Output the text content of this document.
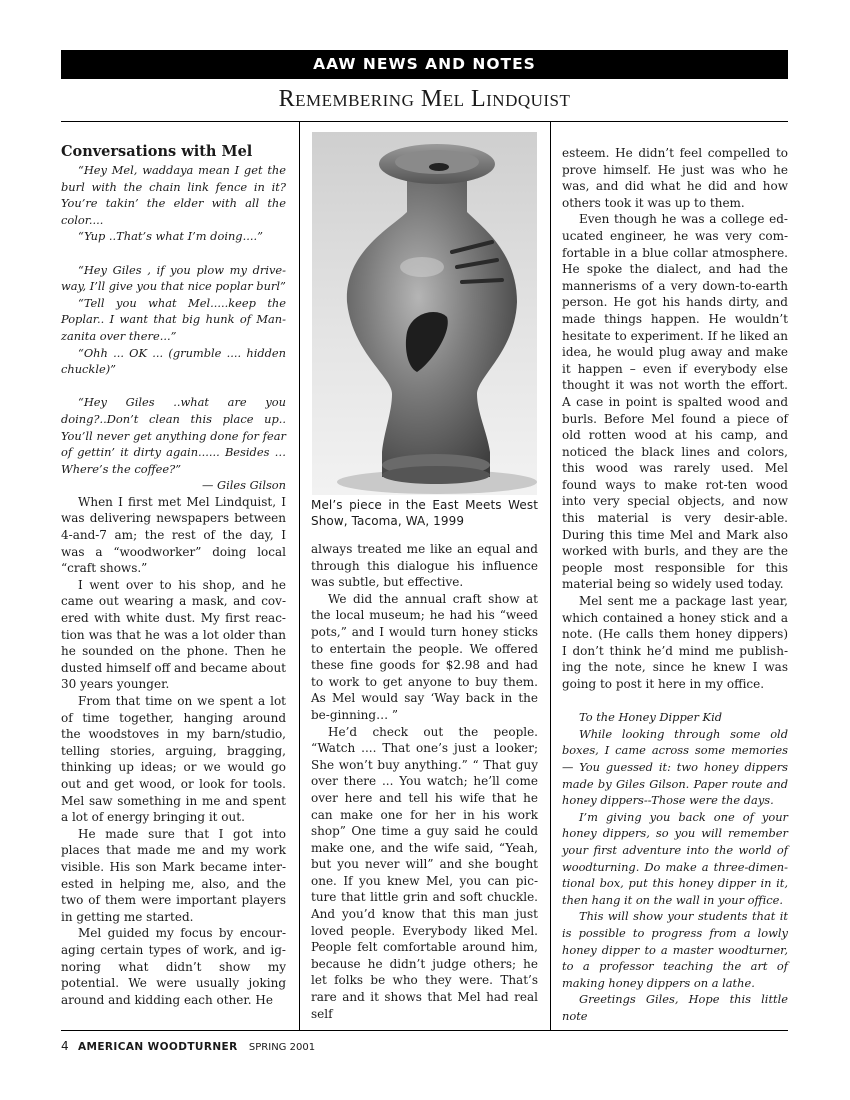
AAW NEWS AND NOTES
Remembering Mel Lindquist
Conversations with Mel

“Hey Mel, waddaya mean I get the burl with the chain link fence in it? You’re takin’ the elder with all the color....

“Yup ..That’s what I’m doing....”

“Hey Giles , if you plow my drive-way, I’ll give you that nice poplar burl”

“Tell you what Mel.....keep the Poplar.. I want that big hunk of Man-zanita over there...”

“Ohh ... OK ... (grumble .... hidden chuckle)”

“Hey Giles ..what are you doing?..Don’t clean this place up.. You’ll never get anything done for fear of gettin’ it dirty again...... Besides … Where’s the coffee?”

— Giles Gilson

When I first met Mel Lindquist, I was delivering newspapers between 4-and-7 am; the rest of the day, I was a “woodworker” doing local “craft shows.”

I went over to his shop, and he came out wearing a mask, and cov-ered with white dust. My first reac-tion was that he was a lot older than he sounded on the phone. Then he dusted himself off and became about 30 years younger.

From that time on we spent a lot of time together, hanging around the woodstoves in my barn/studio, telling stories, arguing, bragging, thinking up ideas; or we would go out and get wood, or look for tools. Mel saw something in me and spent a lot of energy bringing it out.

He made sure that I got into places that made me and my work visible. His son Mark became inter-ested in helping me, also, and the two of them were important players in getting me started.

Mel guided my focus by encour-aging certain types of work, and ig-noring what didn’t show my potential. We were usually joking around and kidding each other. He

Mel’s piece in the East Meets West Show, Tacoma, WA, 1999

always treated me like an equal and through this dialogue his influence was subtle, but effective.

We did the annual craft show at the local museum; he had his “weed pots,” and I would turn honey sticks to entertain the people. We offered these fine goods for $2.98 and had to work to get anyone to buy them. As Mel would say ‘Way back in the be-ginning… ”

He’d check out the people. “Watch .... That one’s just a looker; She won’t buy anything.” “ That guy over there ... You watch; he’ll come over here and tell his wife that he can make one for her in his work shop” One time a guy said he could make one, and the wife said, “Yeah, but you never will” and she bought one. If you knew Mel, you can pic-ture that little grin and soft chuckle. And you’d know that this man just loved people. Everybody liked Mel. People felt comfortable around him, because he didn’t judge others; he let folks be who they were. That’s rare and it shows that Mel had real self

esteem. He didn’t feel compelled to prove himself. He just was who he was, and did what he did and how others took it was up to them.

Even though he was a college ed-ucated engineer, he was very com-fortable in a blue collar atmosphere. He spoke the dialect, and had the mannerisms of a very down-to-earth person. He got his hands dirty, and made things happen. He wouldn’t hesitate to experiment. If he liked an idea, he would plug away and make it happen – even if everybody else thought it was not worth the effort. A case in point is spalted wood and burls. Before Mel found a piece of old rotten wood at his camp, and noticed the black lines and colors, this wood was rarely used. Mel found ways to make rot-ten wood into very special objects, and now this material is very desir-able. During this time Mel and Mark also worked with burls, and they are the people most responsible for this material being so widely used today.

Mel sent me a package last year, which contained a honey stick and a note. (He calls them honey dippers) I don’t think he’d mind me publish-ing the note, since he knew I was going to post it here in my office.

To the Honey Dipper Kid

While looking through some old boxes, I came across some memories — You guessed it: two honey dippers made by Giles Gilson. Paper route and honey dippers--Those were the days.

I’m giving you back one of your honey dippers, so you will remember your first adventure into the world of woodturning. Do make a three-dimen-tional box, put this honey dipper in it, then hang it on the wall in your office.

This will show your students that it is possible to progress from a lowly honey dipper to a master woodturner, to a professor teaching the art of making honey dippers on a lathe.

Greetings Giles, Hope this little note

4 AMERICAN WOODTURNER SPRING 2001
